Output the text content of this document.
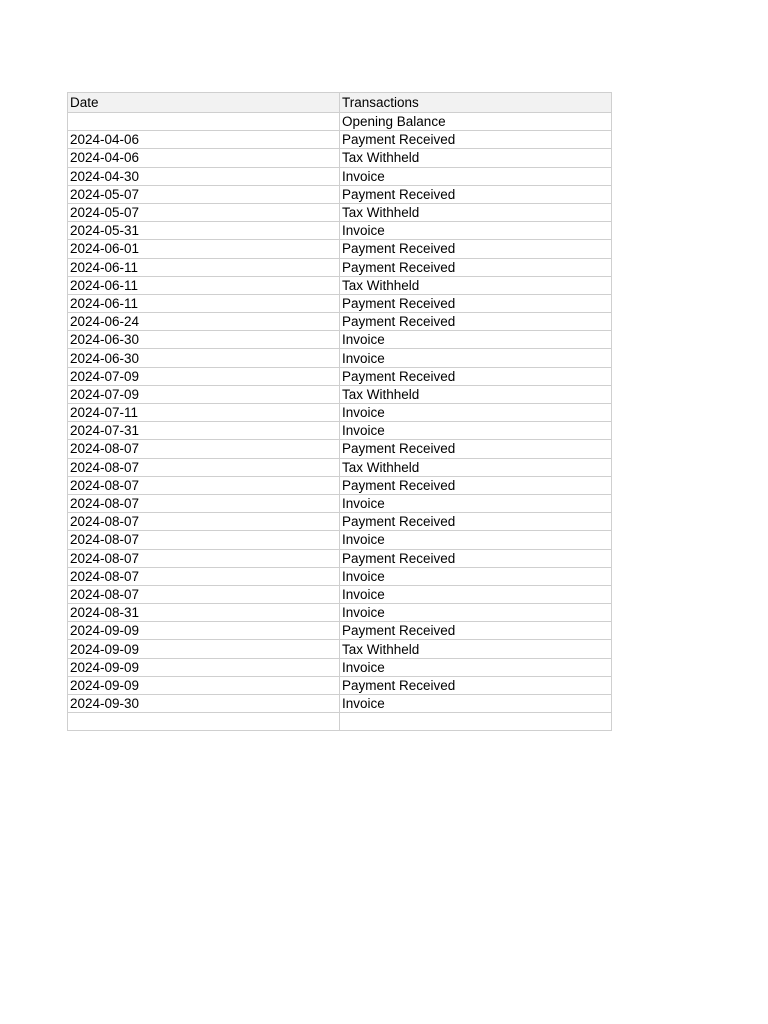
Date	Transactions
	Opening Balance
2024-04-06	Payment Received
2024-04-06	Tax Withheld
2024-04-30	Invoice
2024-05-07	Payment Received
2024-05-07	Tax Withheld
2024-05-31	Invoice
2024-06-01	Payment Received
2024-06-11	Payment Received
2024-06-11	Tax Withheld
2024-06-11	Payment Received
2024-06-24	Payment Received
2024-06-30	Invoice
2024-06-30	Invoice
2024-07-09	Payment Received
2024-07-09	Tax Withheld
2024-07-11	Invoice
2024-07-31	Invoice
2024-08-07	Payment Received
2024-08-07	Tax Withheld
2024-08-07	Payment Received
2024-08-07	Invoice
2024-08-07	Payment Received
2024-08-07	Invoice
2024-08-07	Payment Received
2024-08-07	Invoice
2024-08-07	Invoice
2024-08-31	Invoice
2024-09-09	Payment Received
2024-09-09	Tax Withheld
2024-09-09	Invoice
2024-09-09	Payment Received
2024-09-30	Invoice
